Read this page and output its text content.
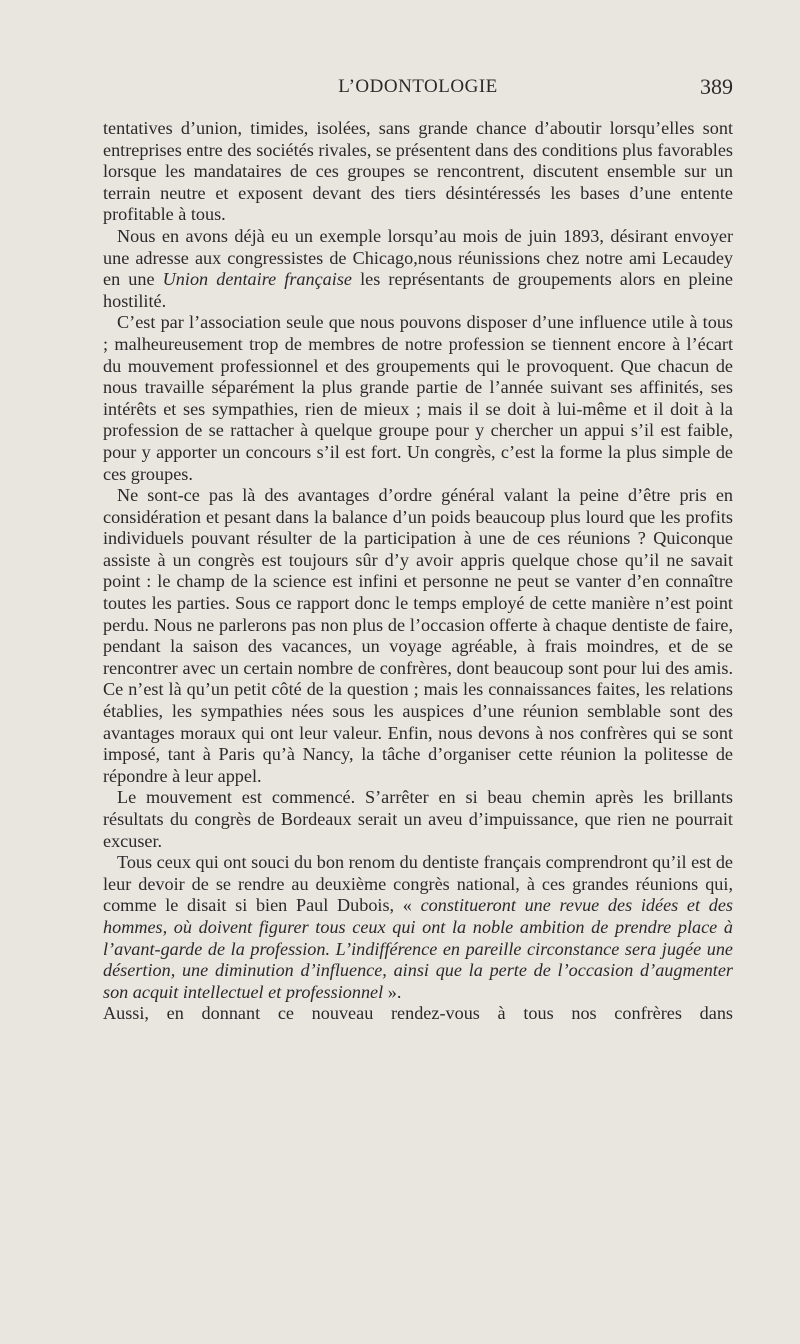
L’ODONTOLOGIE	389

tentatives d’union, timides, isolées, sans grande chance d’aboutir lorsqu’elles sont entreprises entre des sociétés rivales, se présentent dans des conditions plus favorables lorsque les mandataires de ces groupes se rencontrent, discutent ensemble sur un terrain neutre et exposent devant des tiers désintéressés les bases d’une entente profitable à tous.

Nous en avons déjà eu un exemple lorsqu’au mois de juin 1893, désirant envoyer une adresse aux congressistes de Chicago,nous réunissions chez notre ami Lecaudey en une Union dentaire française les représentants de groupements alors en pleine hostilité.

C’est par l’association seule que nous pouvons disposer d’une influence utile à tous ; malheureusement trop de membres de notre profession se tiennent encore à l’écart du mouvement professionnel et des groupements qui le provoquent. Que chacun de nous travaille séparément la plus grande partie de l’année suivant ses affinités, ses intérêts et ses sympathies, rien de mieux ; mais il se doit à lui-même et il doit à la profession de se rattacher à quelque groupe pour y chercher un appui s’il est faible, pour y apporter un concours s’il est fort. Un congrès, c’est la forme la plus simple de ces groupes.

Ne sont-ce pas là des avantages d’ordre général valant la peine d’être pris en considération et pesant dans la balance d’un poids beaucoup plus lourd que les profits individuels pouvant résulter de la participation à une de ces réunions ? Quiconque assiste à un congrès est toujours sûr d’y avoir appris quelque chose qu’il ne savait point : le champ de la science est infini et personne ne peut se vanter d’en connaître toutes les parties. Sous ce rapport donc le temps employé de cette manière n’est point perdu. Nous ne parlerons pas non plus de l’occasion offerte à chaque dentiste de faire, pendant la saison des vacances, un voyage agréable, à frais moindres, et de se rencontrer avec un certain nombre de confrères, dont beaucoup sont pour lui des amis. Ce n’est là qu’un petit côté de la question ; mais les connaissances faites, les relations établies, les sympathies nées sous les auspices d’une réunion semblable sont des avantages moraux qui ont leur valeur. Enfin, nous devons à nos confrères qui se sont imposé, tant à Paris qu’à Nancy, la tâche d’organiser cette réunion la politesse de répondre à leur appel.

Le mouvement est commencé. S’arrêter en si beau chemin après les brillants résultats du congrès de Bordeaux serait un aveu d’impuissance, que rien ne pourrait excuser.

Tous ceux qui ont souci du bon renom du dentiste français comprendront qu’il est de leur devoir de se rendre au deuxième congrès national, à ces grandes réunions qui, comme le disait si bien Paul Dubois, « constitueront une revue des idées et des hommes, où doivent figurer tous ceux qui ont la noble ambition de prendre place à l’avant-garde de la profession. L’indifférence en pareille circonstance sera jugée une désertion, une diminution d’influence, ainsi que la perte de l’occasion d’augmenter son acquit intellectuel et professionnel ».

Aussi, en donnant ce nouveau rendez-vous à tous nos confrères dans
